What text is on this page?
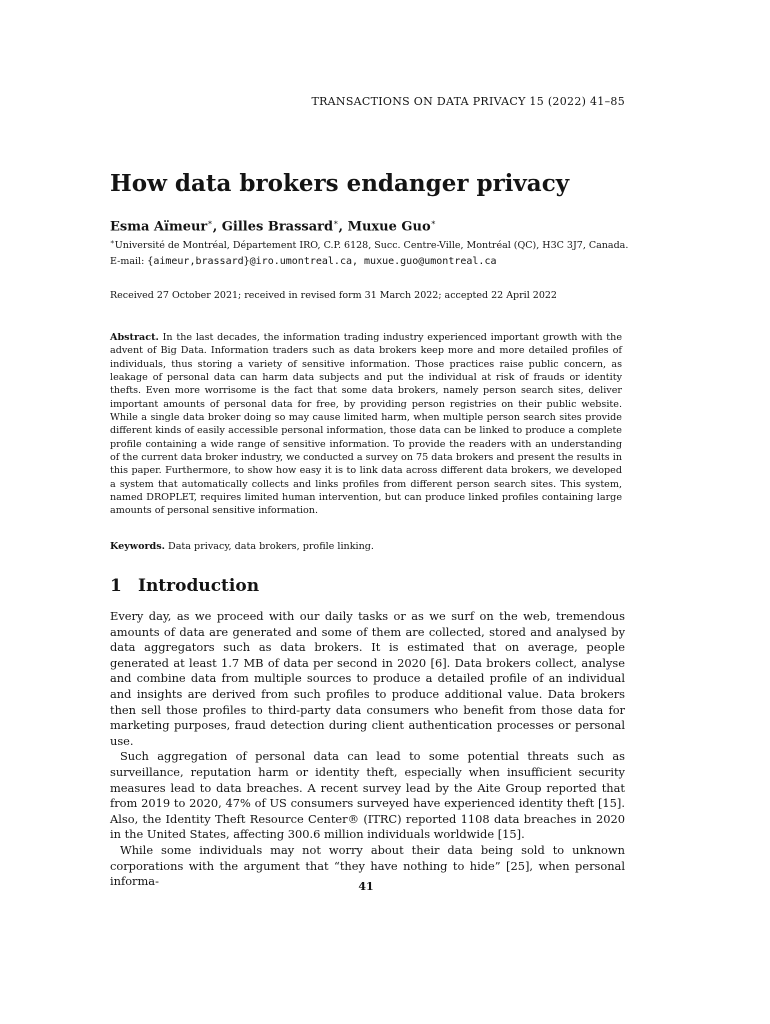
TRANSACTIONS ON DATA PRIVACY 15 (2022) 41–85
How data brokers endanger privacy
Esma Aïmeur∗, Gilles Brassard∗, Muxue Guo∗
∗Université de Montréal, Département IRO, C.P. 6128, Succ. Centre-Ville, Montréal (QC), H3C 3J7, Canada.
E-mail: {aimeur,brassard}@iro.umontreal.ca, muxue.guo@umontreal.ca
Received 27 October 2021; received in revised form 31 March 2022; accepted 22 April 2022

Abstract. In the last decades, the information trading industry experienced important growth with the advent of Big Data. Information traders such as data brokers keep more and more detailed profiles of individuals, thus storing a variety of sensitive information. Those practices raise public concern, as leakage of personal data can harm data subjects and put the individual at risk of frauds or identity thefts. Even more worrisome is the fact that some data brokers, namely person search sites, deliver important amounts of personal data for free, by providing person registries on their public website. While a single data broker doing so may cause limited harm, when multiple person search sites provide different kinds of easily accessible personal information, those data can be linked to produce a complete profile containing a wide range of sensitive information. To provide the readers with an understanding of the current data broker industry, we conducted a survey on 75 data brokers and present the results in this paper. Furthermore, to show how easy it is to link data across different data brokers, we developed a system that automatically collects and links profiles from different person search sites. This system, named DROPLET, requires limited human intervention, but can produce linked profiles containing large amounts of personal sensitive information.

Keywords. Data privacy, data brokers, profile linking.

1 Introduction

Every day, as we proceed with our daily tasks or as we surf on the web, tremendous amounts of data are generated and some of them are collected, stored and analysed by data aggregators such as data brokers. It is estimated that on average, people generated at least 1.7 MB of data per second in 2020 [6]. Data brokers collect, analyse and combine data from multiple sources to produce a detailed profile of an individual and insights are derived from such profiles to produce additional value. Data brokers then sell those profiles to third-party data consumers who benefit from those data for marketing purposes, fraud detection during client authentication processes or personal use.

Such aggregation of personal data can lead to some potential threats such as surveillance, reputation harm or identity theft, especially when insufficient security measures lead to data breaches. A recent survey lead by the Aite Group reported that from 2019 to 2020, 47% of US consumers surveyed have experienced identity theft [15]. Also, the Identity Theft Resource Center® (ITRC) reported 1108 data breaches in 2020 in the United States, affecting 300.6 million individuals worldwide [15].

While some individuals may not worry about their data being sold to unknown corporations with the argument that “they have nothing to hide” [25], when personal informa-	41
